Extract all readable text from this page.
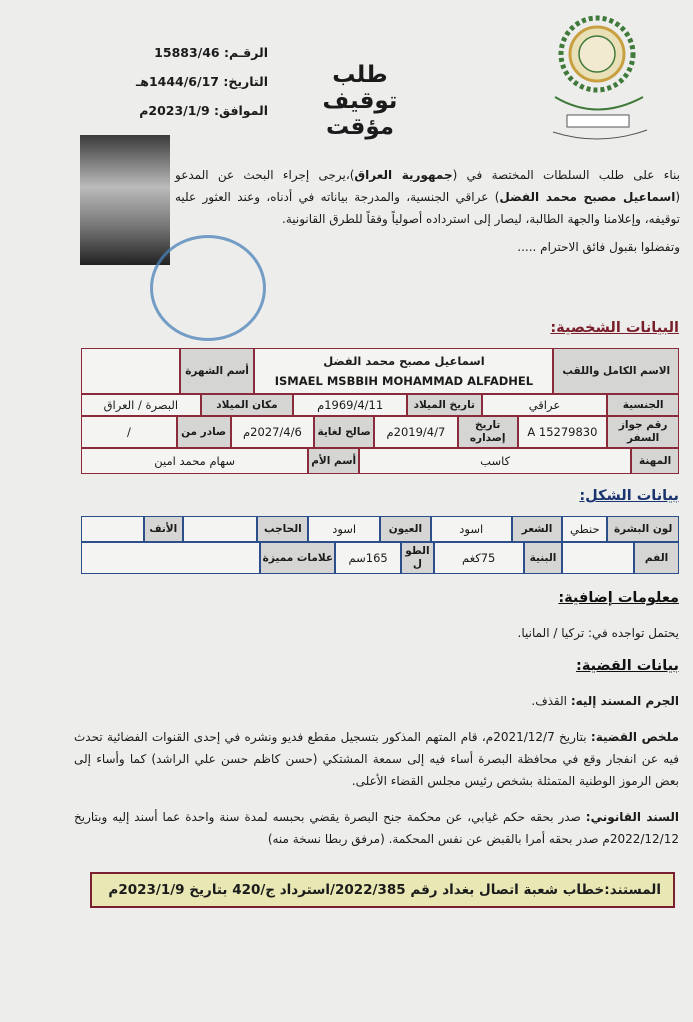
الرقـم: 15883/46
التاريخ: 1444/6/17هـ
الموافق: 2023/1/9م
طلب توقيف
مؤقت
بناء على طلب السلطات المختصة في (جمهورية العراق)،يرجى إجراء البحث عن المدعو (اسماعيل مصبح محمد الفضل) عراقي الجنسية، والمدرجة بياناته في أدناه، وعند العثور عليه توقيفه، وإعلامنا والجهة الطالبة، ليصار إلى استرداده أصولياً وفقاً للطرق القانونية.
وتفضلوا بقبول فائق الاحترام .....
البيانات الشخصية:
الاسم الكامل واللقب
اسماعيل مصبح محمد الفضل
ISMAEL MSBBIH MOHAMMAD ALFADHEL
أسم الشهرة
الجنسية
عراقي
تاريخ الميلاد
1969/4/11م
مكان الميلاد
البصرة / العراق
رقم جواز السفر
A 15279830
تاريخ إصداره
2019/4/7م
صالح لغاية
2027/4/6م
صادر من
/
المهنة
كاسب
أسم الأم
سهام محمد امين
بيانات الشكل:
لون البشرة
حنطي
الشعر
اسود
العيون
اسود
الحاجب
الأنف
الفم
البنية
75كغم
الطول
165سم
علامات مميزة
معلومات إضافية:
يحتمل تواجده في: تركيا / المانيا.
بيانات القضية:
الجرم المسند إليه: القذف.
ملخص القضية: بتاريخ 2021/12/7م، قام المتهم المذكور بتسجيل مقطع فديو ونشره في إحدى القنوات الفضائية تحدث فيه عن انفجار وقع في محافظة البصرة أساء فيه إلى سمعة المشتكي (حسن كاظم حسن علي الراشد) كما وأساء إلى بعض الرموز الوطنية المتمثلة بشخص رئيس مجلس القضاء الأعلى.
السند القانوني: صدر بحقه حكم غيابي، عن محكمة جنح البصرة يقضي بحبسه لمدة سنة واحدة عما أسند إليه وبتاريخ 2022/12/12م صدر بحقه أمرا بالقبض عن نفس المحكمة. (مرفق ربطا نسخة منه)
المستند:
خطاب شعبة اتصال بغداد رقم 2022/385/استرداد ج/420 بتاريخ 2023/1/9م
